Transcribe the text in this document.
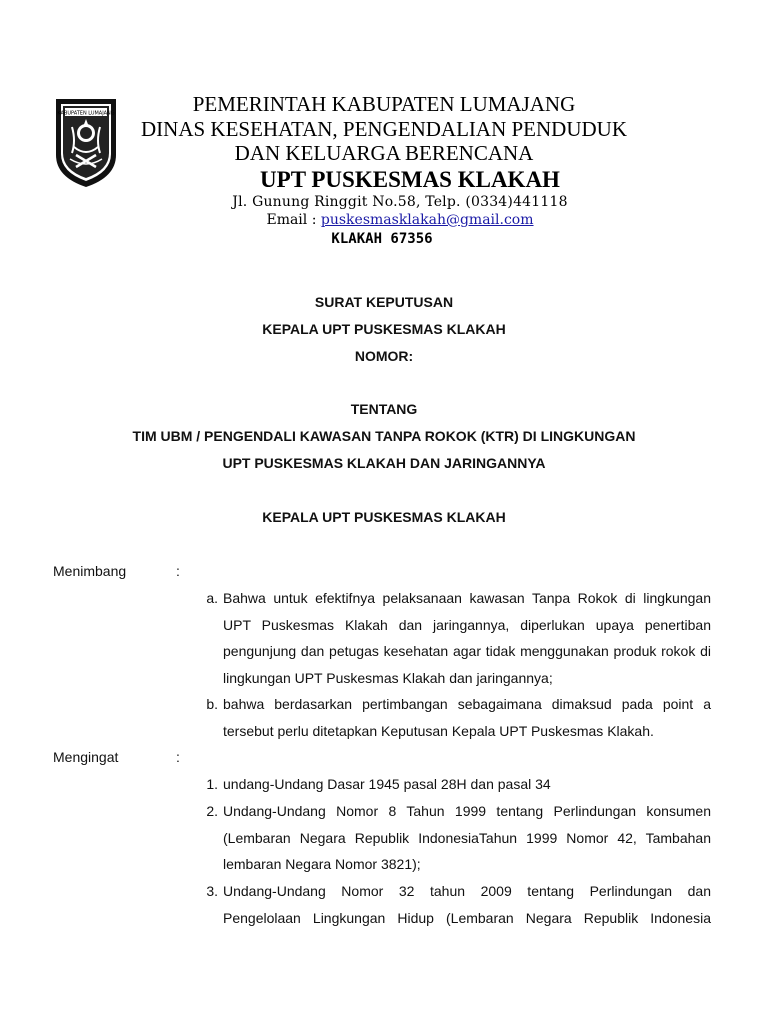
KABUPATEN LUMAJANG	PEMERINTAH KABUPATEN LUMAJANG
DINAS KESEHATAN, PENGENDALIAN PENDUDUK
DAN KELUARGA BERENCANA
UPT PUSKESMAS KLAKAH
Jl. Gunung Ringgit No.58, Telp. (0334)441118
Email : puskesmasklakah@gmail.com
KLAKAH 67356
SURAT KEPUTUSAN
KEPALA UPT PUSKESMAS KLAKAH
NOMOR:
TENTANG
TIM UBM / PENGENDALI KAWASAN TANPA ROKOK (KTR) DI LINGKUNGAN
UPT PUSKESMAS KLAKAH DAN JARINGANNYA
KEPALA UPT PUSKESMAS KLAKAH
Menimbang	:
a. Bahwa untuk efektifnya pelaksanaan kawasan Tanpa Rokok di lingkungan UPT Puskesmas Klakah dan jaringannya, diperlukan upaya penertiban pengunjung dan petugas kesehatan agar tidak menggunakan produk rokok di lingkungan UPT Puskesmas Klakah dan jaringannya;
b. bahwa berdasarkan pertimbangan sebagaimana dimaksud pada point a tersebut perlu ditetapkan Keputusan Kepala UPT Puskesmas Klakah.
Mengingat	:
1. undang-Undang Dasar 1945 pasal 28H dan pasal 34
2. Undang-Undang Nomor 8 Tahun 1999 tentang Perlindungan konsumen (Lembaran Negara Republik IndonesiaTahun 1999 Nomor 42, Tambahan lembaran Negara Nomor 3821);
3. Undang-Undang Nomor 32 tahun 2009 tentang Perlindungan dan Pengelolaan Lingkungan Hidup (Lembaran Negara Republik Indonesia
